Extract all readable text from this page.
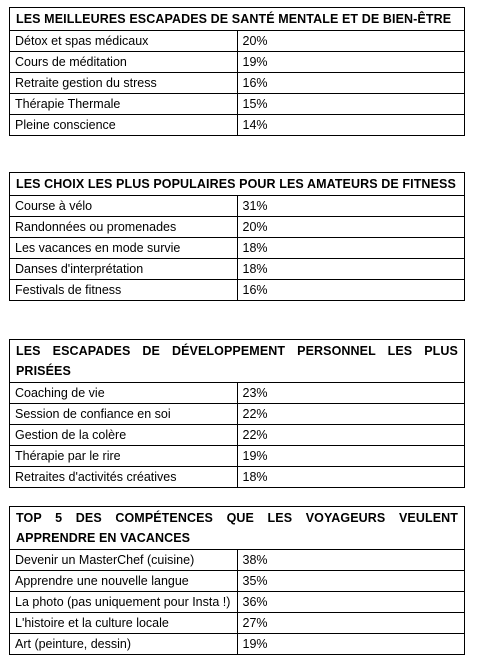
LES MEILLEURES ESCAPADES DE SANTÉ MENTALE ET DE BIEN-ÊTRE	
Détox et spas médicaux	20%
Cours de méditation	19%
Retraite gestion du stress	16%
Thérapie Thermale	15%
Pleine conscience	14%
LES CHOIX LES PLUS POPULAIRES POUR LES AMATEURS DE FITNESS	
Course à vélo	31%
Randonnées ou promenades	20%
Les vacances en mode survie	18%
Danses d'interprétation	18%
Festivals de fitness	16%
LES ESCAPADES DE DÉVELOPPEMENT PERSONNEL LES PLUS PRISÉES	
Coaching de vie	23%
Session de confiance en soi	22%
Gestion de la colère	22%
Thérapie par le rire	19%
Retraites d'activités créatives	18%
TOP 5 DES COMPÉTENCES QUE LES VOYAGEURS VEULENT APPRENDRE EN VACANCES	
Devenir un MasterChef (cuisine)	38%
Apprendre une nouvelle langue	35%
La photo (pas uniquement pour Insta !)	36%
L'histoire et la culture locale	27%
Art (peinture, dessin)	19%
